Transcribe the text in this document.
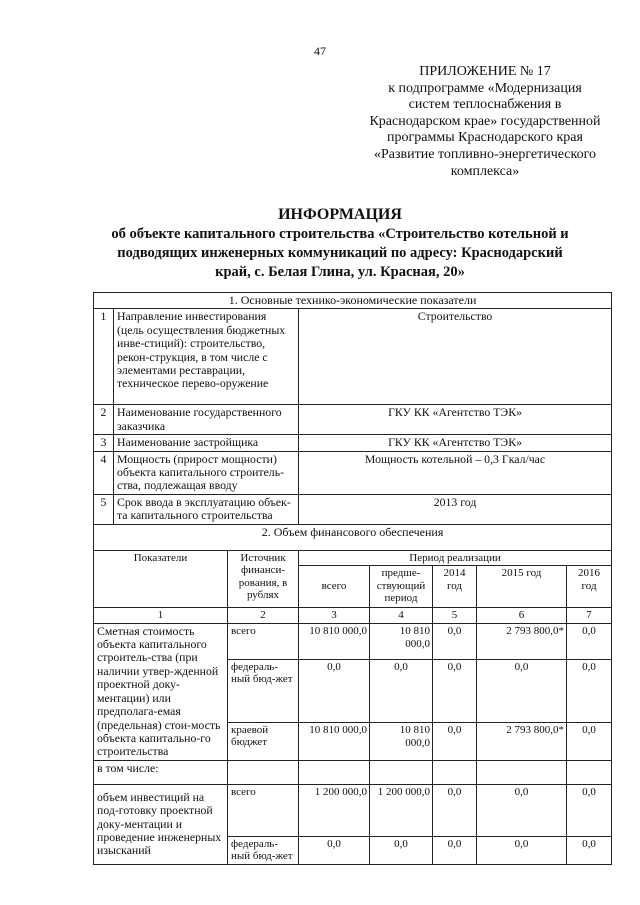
47
ПРИЛОЖЕНИЕ № 17
к подпрограмме «Модернизация
систем теплоснабжения в
Краснодарском крае» государственной
программы Краснодарского края
«Развитие топливно-энергетического
комплекса»
ИНФОРМАЦИЯ
об объекте капитального строительства «Строительство котельной и
подводящих инженерных коммуникаций по адресу: Краснодарский
край, с. Белая Глина, ул. Красная, 20»
1. Основные технико-экономические показатели							
1	Направление инвестирования (цель осуществления бюджетных инве-стиций): строительство, рекон-струкция, в том числе с элементами реставрации, техническое перево-оружение		Строительство				
2	Наименование государственного заказчика		ГКУ КК «Агентство ТЭК»				
3	Наименование застройщика		ГКУ КК «Агентство ТЭК»				
4	Мощность (прирост мощности) объекта капитального строитель-ства, подлежащая вводу		Мощность котельной – 0,3 Гкал/час				
5	Срок ввода в эксплуатацию объек-та капитального строительства		2013 год				
2. Объем финансового обеспечения							
Показатели		Источник финанси-рования, в рублях	Период реализации				
			всего	предше-ствующий период	2014 год	2015 год	2016 год
1		2	3	4	5	6	7
Сметная стоимость объекта капитального строитель-ства (при наличии утвер-жденной проектной доку-ментации) или предполага-емая (предельная) стои-мость объекта капитально-го строительства		всего	10 810 000,0	10 810 000,0	0,0	2 793 800,0*	0,0
		федераль-ный бюд-жет	0,0	0,0	0,0	0,0	0,0
		краевой бюджет	10 810 000,0	10 810 000,0	0,0	2 793 800,0*	0,0
в том числе:							
объем инвестиций на под-готовку проектной доку-ментации и проведение инженерных изысканий		всего	1 200 000,0	1 200 000,0	0,0	0,0	0,0
		федераль-ный бюд-жет	0,0	0,0	0,0	0,0	0,0
